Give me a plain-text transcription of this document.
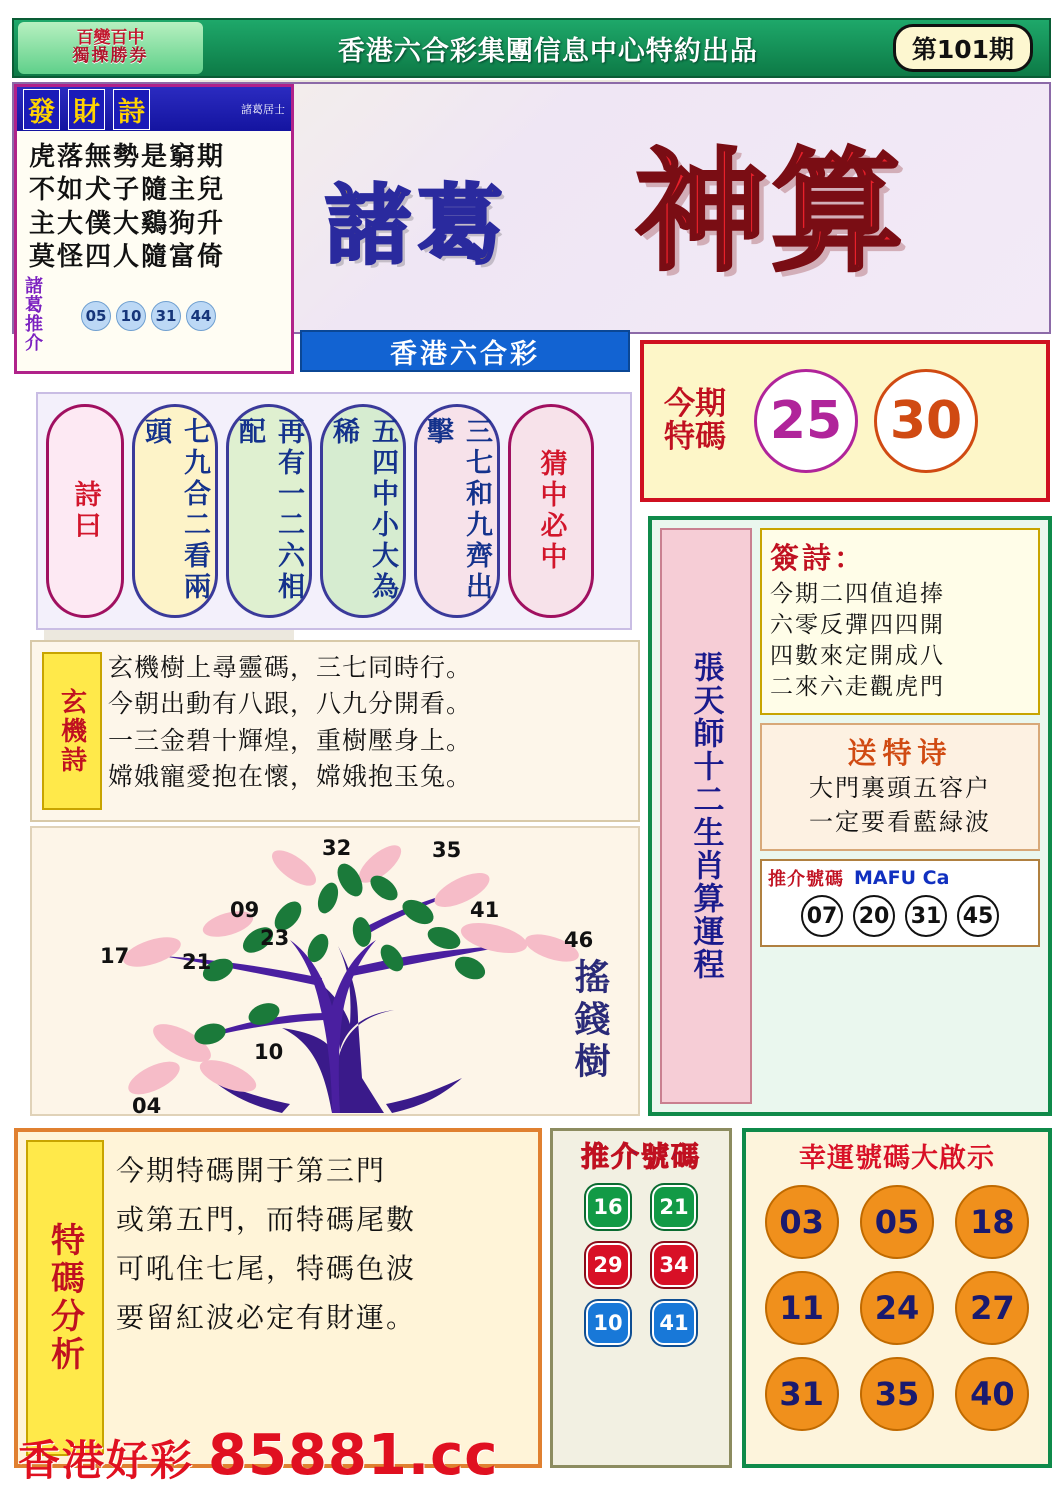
百變百中
獨操勝券	香港六合彩集團信息中心特約出品	第101期
諸葛 神算
發 財 詩	諸葛居士
虎落無勢是窮期
不如犬子隨主兒
主大僕大鷄狗升
莫怪四人隨富倚
諸　葛
推　介
05 10 31 44
香港六合彩
今期特碼 25 30
詩曰	七九合二看兩頭	再有一二六相配	五四中小大為稀	三七和九齊出擊
猜中必中
玄機詩
玄機樹上尋靈碼，三七同時行。
今朝出動有八跟，八九分開看。
一三金碧十輝煌，重樹壓身上。
嫦娥寵愛抱在懷，嫦娥抱玉兔。
32	35
09	41
23	46
17	21
10
04
搖錢樹
張天師十二生肖算運程
簽詩：
今期二四值追捧
六零反彈四四開
四數來定開成八
二來六走觀虎門
送特诗
大門裏頭五容户
一定要看藍緑波
推介號碼 MAFU Ca
07 20 31 45
特碼分析
今期特碼開于第三門
或第五門，而特碼尾數
可吼住七尾，特碼色波
要留紅波必定有財運。
推介號碼
16	21
29	34
10	41
幸運號碼大啟示
03	05	18
11	24	27
31	35	40
香港好彩 85881.cc
